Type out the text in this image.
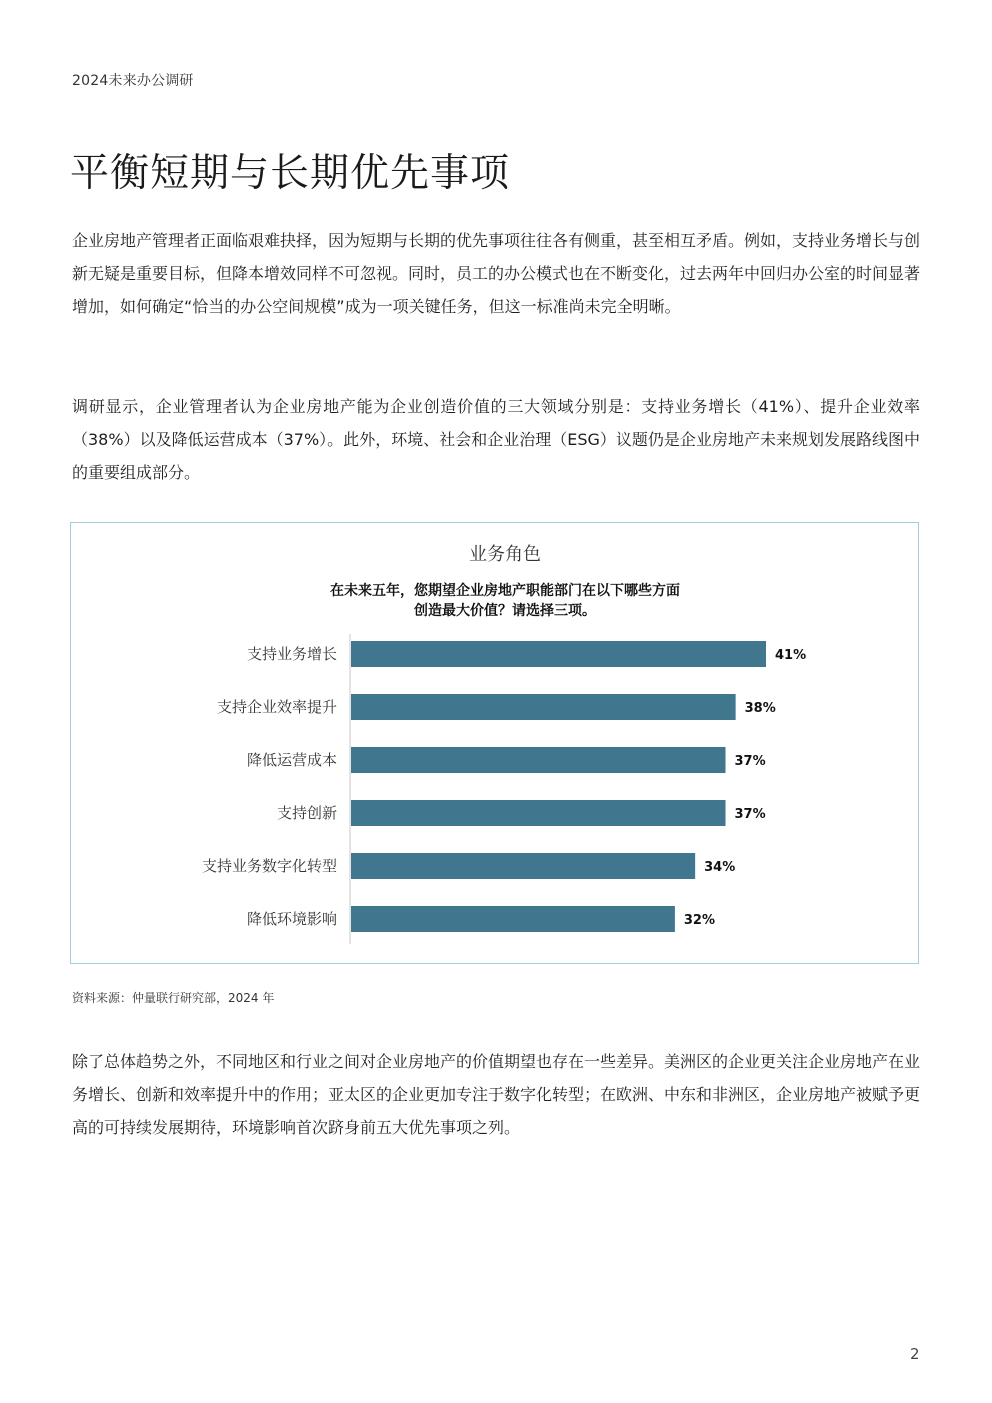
2024未来办公调研
平衡短期与长期优先事项

企业房地产管理者正面临艰难抉择，因为短期与长期的优先事项往往各有侧重，甚至相互矛盾。例如，支持业务增长与创新无疑是重要目标，但降本增效同样不可忽视。同时，员工的办公模式也在不断变化，过去两年中回归办公室的时间显著增加，如何确定“恰当的办公空间规模”成为一项关键任务，但这一标准尚未完全明晰。

调研显示，企业管理者认为企业房地产能为企业创造价值的三大领域分别是：支持业务增长（41%）、提升企业效率（38%）以及降低运营成本（37%）。此外，环境、社会和企业治理（ESG）议题仍是企业房地产未来规划发展路线图中的重要组成部分。

业务角色
在未来五年，您期望企业房地产职能部门在以下哪些方面
创造最大价值？请选择三项。
支持业务增长	41%
支持企业效率提升	38%
降低运营成本	37%
支持创新	37%
支持业务数字化转型	34%
降低环境影响	32%
资料来源：仲量联行研究部，2024 年

除了总体趋势之外，不同地区和行业之间对企业房地产的价值期望也存在一些差异。美洲区的企业更关注企业房地产在业务增长、创新和效率提升中的作用；亚太区的企业更加专注于数字化转型；在欧洲、中东和非洲区，企业房地产被赋予更高的可持续发展期待，环境影响首次跻身前五大优先事项之列。

2
